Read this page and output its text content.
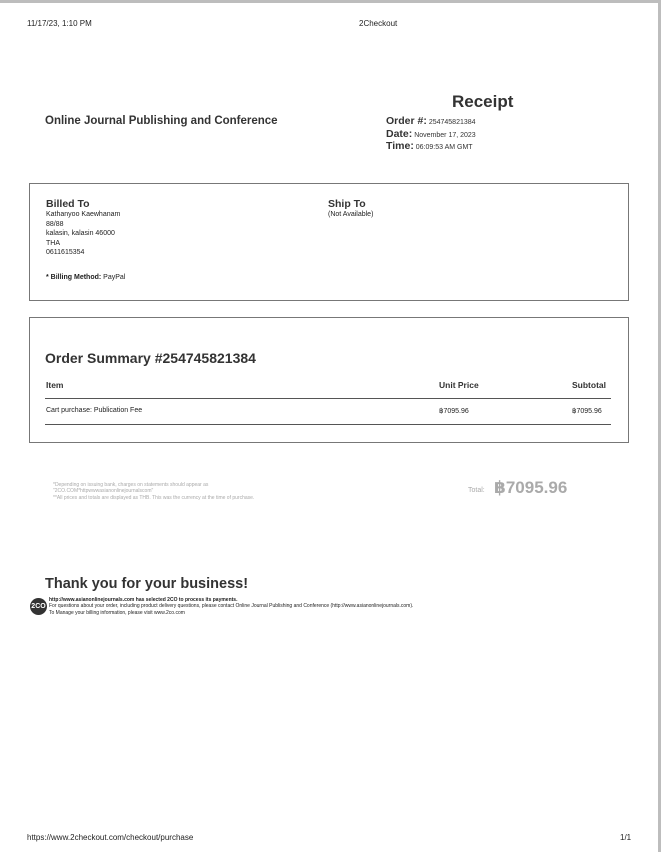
11/17/23, 1:10 PM	2Checkout
Online Journal Publishing and Conference
Receipt
Order #: 254745821384
Date: November 17, 2023
Time: 06:09:53 AM GMT
Billed To
Kathanyoo Kaewhanam
88/88
kalasin, kalasin 46000
THA
0611615354
Ship To
(Not Available)
* Billing Method: PayPal
Order Summary #254745821384
Item	Unit Price	Subtotal
Cart purchase: Publication Fee	฿7095.96	฿7095.96
*Depending on issuing bank, charges on statements should appear as
"2CO.COM*httpwwwasianonlinejournalscom"
**All prices and totals are displayed as THB. This was the currency at the time of purchase.
Total: ฿7095.96
Thank you for your business!
2CO
http://www.asianonlinejournals.com has selected 2CO to process its payments.
For questions about your order, including product delivery questions, please contact Online Journal Publishing and Conference (http://www.asianonlinejournals.com).
To Manage your billing information, please visit www.2co.com
https://www.2checkout.com/checkout/purchase	1/1
